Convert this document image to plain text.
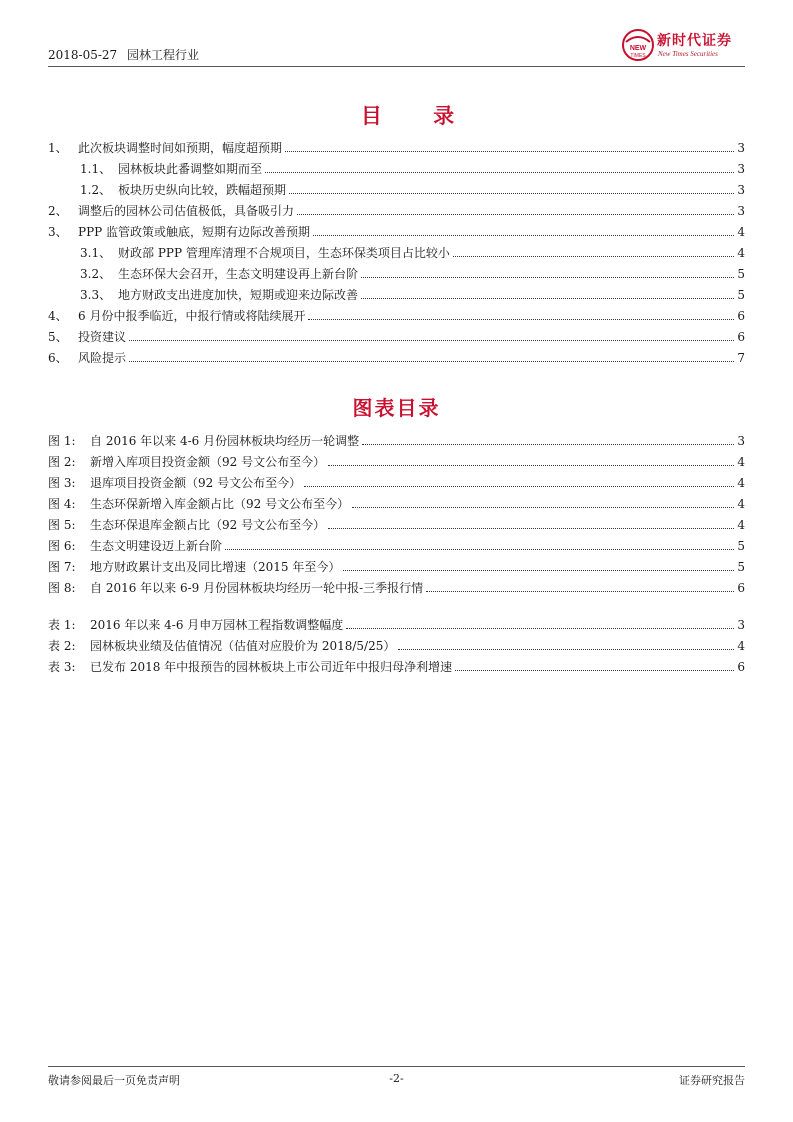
2018-05-27 园林工程行业	NEW
TIMES
新时代证券
New Times Securities
目 录
1、 此次板块调整时间如预期，幅度超预期	3
1.1、 园林板块此番调整如期而至	3
1.2、 板块历史纵向比较，跌幅超预期	3
2、 调整后的园林公司估值极低，具备吸引力	3
3、 PPP 监管政策或触底，短期有边际改善预期	4
3.1、 财政部 PPP 管理库清理不合规项目，生态环保类项目占比较小	4
3.2、 生态环保大会召开，生态文明建设再上新台阶	5
3.3、 地方财政支出进度加快，短期或迎来边际改善	5
4、 6 月份中报季临近，中报行情或将陆续展开	6
5、 投资建议	6
6、 风险提示	7
图表目录
图 1:	自 2016 年以来 4-6 月份园林板块均经历一轮调整	3
图 2:	新增入库项目投资金额（92 号文公布至今）	4
图 3:	退库项目投资金额（92 号文公布至今）	4
图 4:	生态环保新增入库金额占比（92 号文公布至今）	4
图 5:	生态环保退库金额占比（92 号文公布至今）	4
图 6:	生态文明建设迈上新台阶	5
图 7:	地方财政累计支出及同比增速（2015 年至今）	5
图 8:	自 2016 年以来 6-9 月份园林板块均经历一轮中报-三季报行情	6
表 1:	2016 年以来 4-6 月申万园林工程指数调整幅度	3
表 2:	园林板块业绩及估值情况（估值对应股价为 2018/5/25）	4
表 3:	已发布 2018 年中报预告的园林板块上市公司近年中报归母净利增速	6
敬请参阅最后一页免责声明	-2-	证券研究报告
